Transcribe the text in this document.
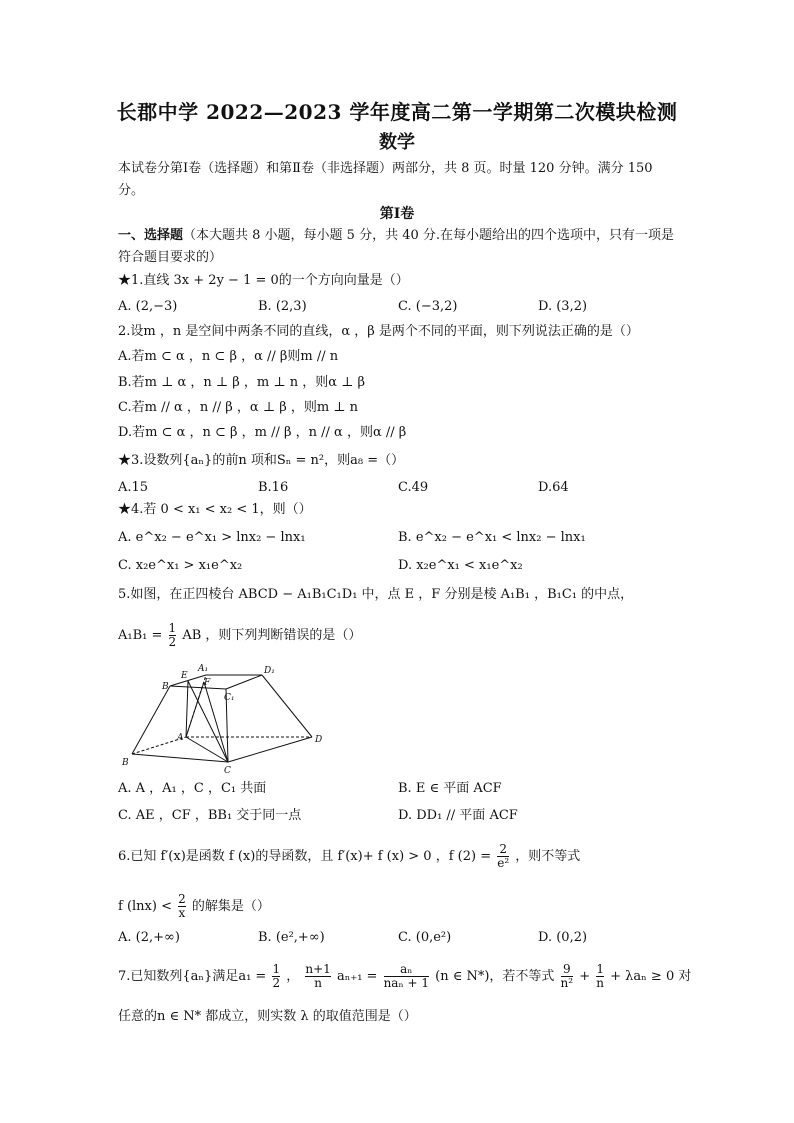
长郡中学 2022—2023 学年度高二第一学期第二次模块检测
数学
本试卷分第Ⅰ卷（选择题）和第Ⅱ卷（非选择题）两部分，共 8 页。时量 120 分钟。满分 150 分。
第Ⅰ卷
一、选择题（本大题共 8 小题，每小题 5 分，共 40 分.在每小题给出的四个选项中，只有一项是符合题目要求的）
★1.直线 3x + 2y − 1 = 0的一个方向向量是（）
A. (2,−3)	B. (2,3)	C. (−3,2)	D. (3,2)
2.设m ，n 是空间中两条不同的直线，α ，β 是两个不同的平面，则下列说法正确的是（）
A.若m ⊂ α ，n ⊂ β ，α // β则m // n
B.若m ⊥ α ，n ⊥ β ，m ⊥ n ，则α ⊥ β
C.若m // α ，n // β ，α ⊥ β ，则m ⊥ n
D.若m ⊂ α ，n ⊂ β ，m // β ，n // α ，则α // β
★3.设数列{aₙ}的前n 项和Sₙ = n²，则a₈ =（）
A.15	B.16	C.49	D.64
★4.若 0 < x₁ < x₂ < 1，则（）
A. e^x₂ − e^x₁ > lnx₂ − lnx₁	B. e^x₂ − e^x₁ < lnx₂ − lnx₁
C. x₂e^x₁ > x₁e^x₂	D. x₂e^x₁ < x₁e^x₂
5.如图，在正四棱台 ABCD − A₁B₁C₁D₁ 中，点 E ，F 分别是棱 A₁B₁ ，B₁C₁ 的中点，
$A_1B_1 = \frac{1}{2}$ AB ，则下列判断错误的是（）
B
E
A₁
F
D₁
C₁
A
B
C
D
A. A ，A₁ ，C ，C₁ 共面	B. E ∈ 平面 ACF
C. AE ，CF ，BB₁ 交于同一点	D. DD₁ // 平面 ACF
6.已知 f′(x)是函数 f (x)的导函数，且 f′(x)+ f (x) > 0 ，f $(2) = \frac{2}{\text{e²}}$ ，则不等式
f $(\ln x) < \frac{2}{x}$ 的解集是（）
A. (2,+∞)	B. (e²,+∞)	C. (0,e²)	D. (0,2)
7.已知数列{aₙ}满足$a_1 = \frac{1}{2}$ ， $\frac{n+1}{n} a_{n+1} = \frac{\text{aₙ}}{\text{naₙ + 1}} (n$ ∈ N*)，若不等式 $\frac{9}{\text{n²}} + \frac{1}{n} + \lambda a_n \ge 0$ 对
任意的n ∈ N* 都成立，则实数 λ 的取值范围是（）
